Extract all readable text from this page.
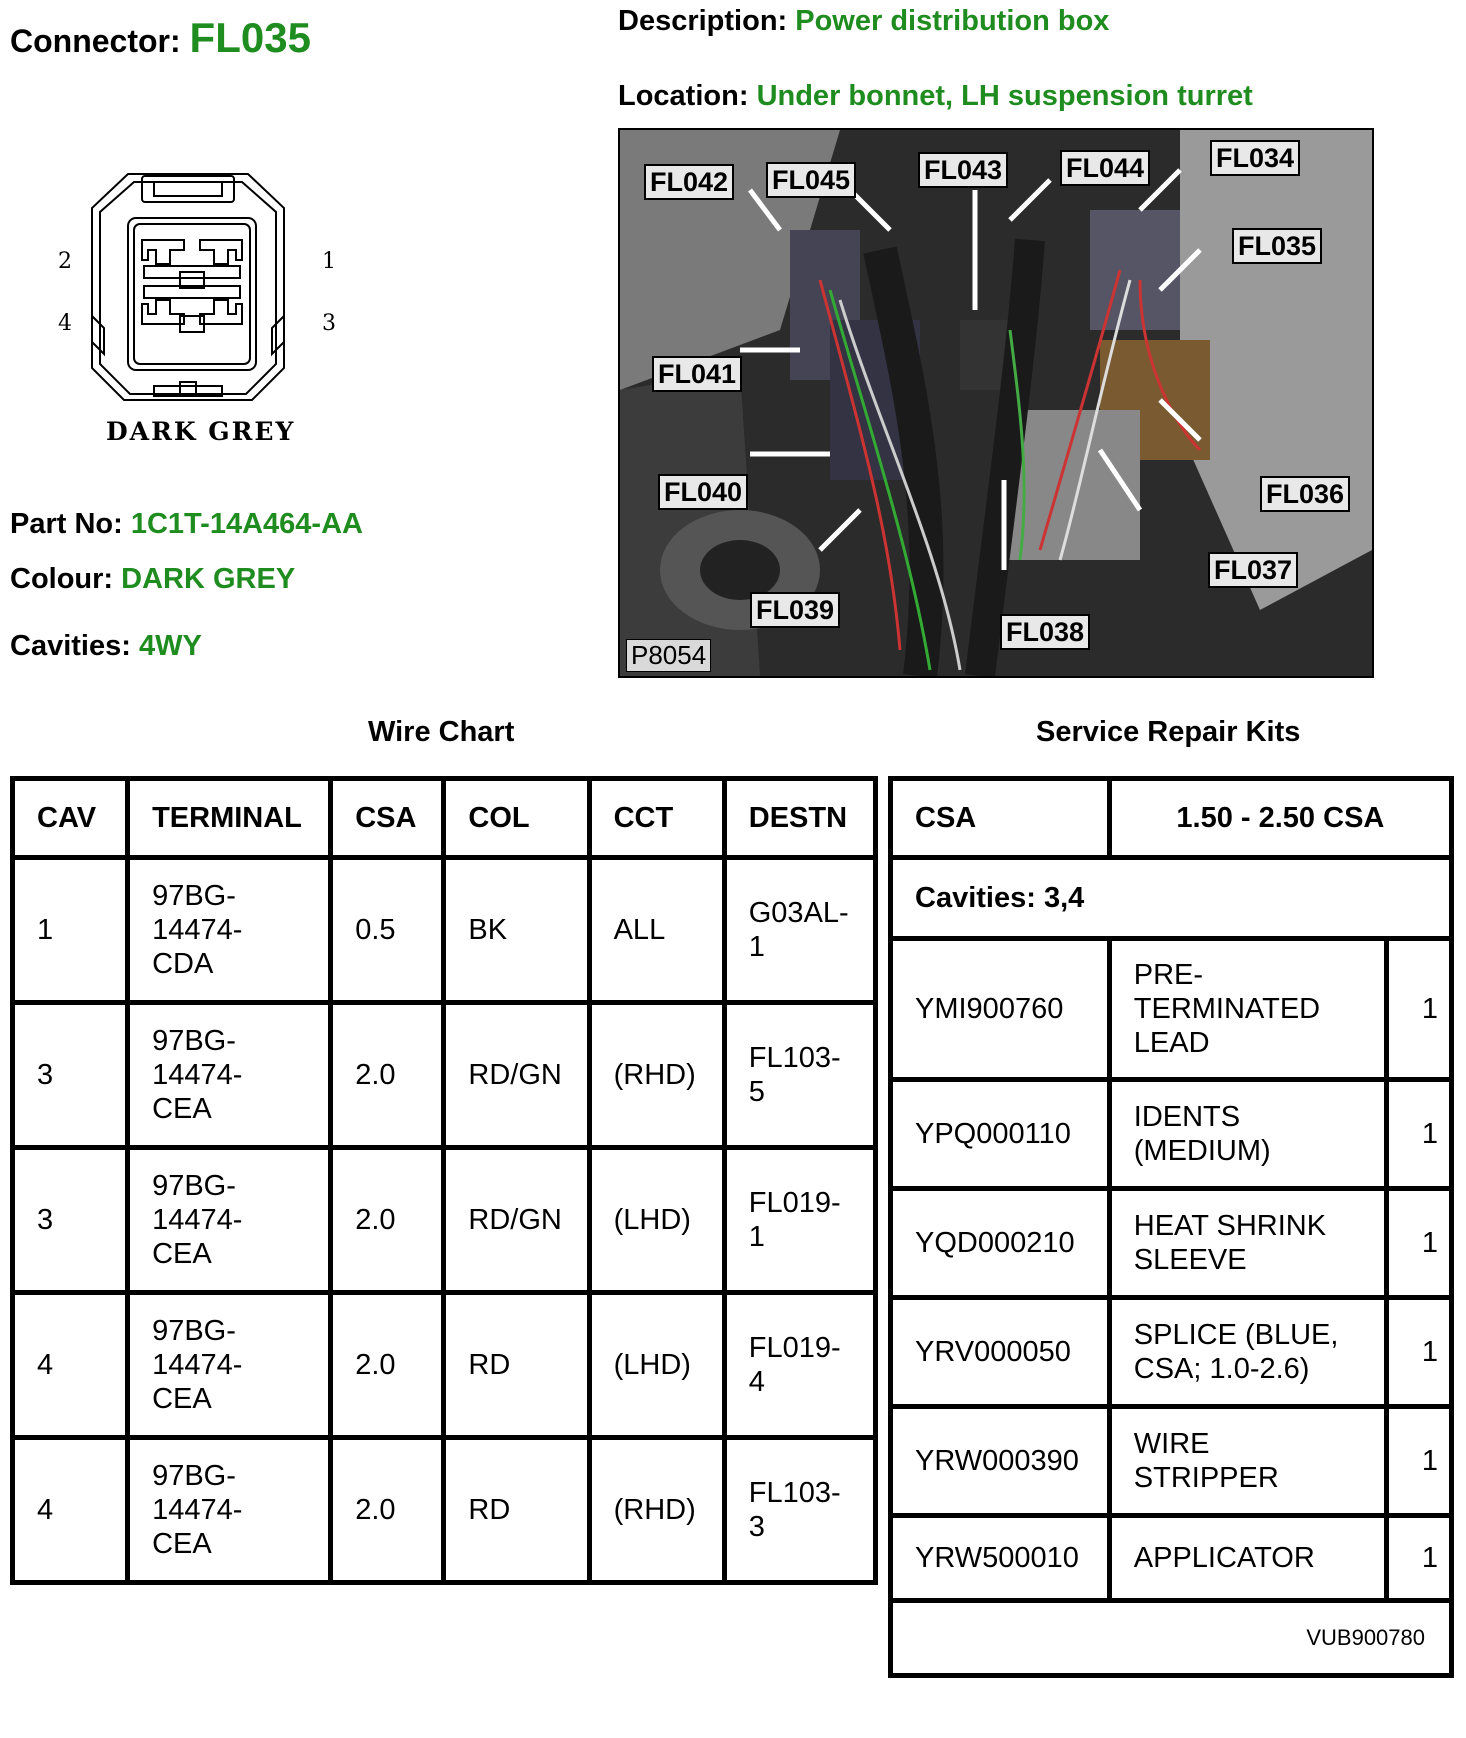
Connector: FL035	Description: Power distribution box
Location: Under bonnet, LH suspension turret
2	1
4	3
DARK GREY
Part No: 1C1T-14A464-AA
Colour: DARK GREY
Cavities: 4WY
FL042 FL045	FL043 FL044	FL034
FL035
FL041
FL040
FL039
FL038
FL037
FL036
P8054
Wire Chart	Service Repair Kits
CAV	TERMINAL	CSA	COL	CCT	DESTN
1	97BG-
14474-
CDA	0.5	BK	ALL	G03AL-
1
3	97BG-
14474-
CEA	2.0	RD/GN	(RHD)	FL103-
5
3	97BG-
14474-
CEA	2.0	RD/GN	(LHD)	FL019-
1
4	97BG-
14474-
CEA	2.0	RD	(LHD)	FL019-
4
4	97BG-
14474-
CEA	2.0	RD	(RHD)	FL103-
3
CSA	1.50 - 2.50 CSA	
Cavities: 3,4		
YMI900760	PRE-
TERMINATED
LEAD	1
YPQ000110	IDENTS
(MEDIUM)	1
YQD000210	HEAT SHRINK
SLEEVE	1
YRV000050	SPLICE (BLUE,
CSA; 1.0-2.6)	1
YRW000390	WIRE
STRIPPER	1
YRW500010	APPLICATOR	1
VUB900780		
